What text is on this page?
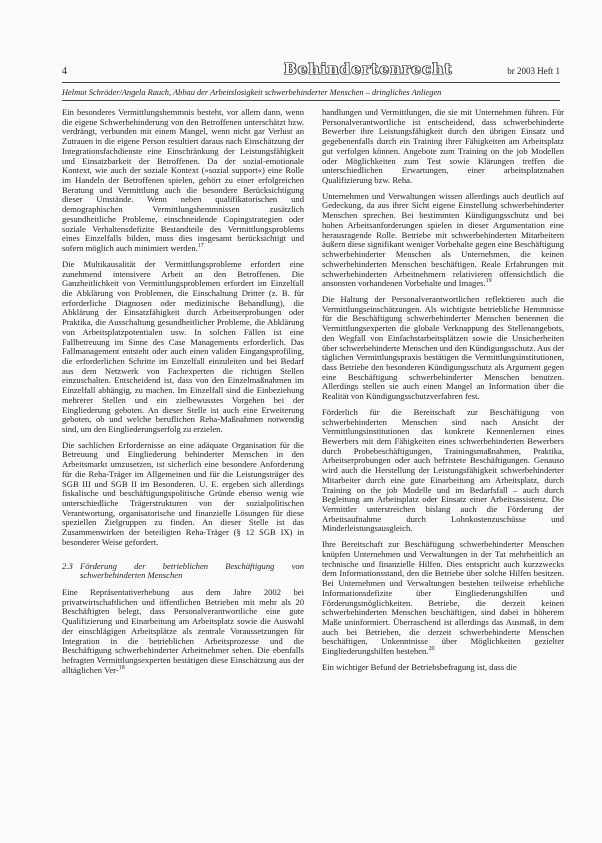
4	Behindertenrecht	br 2003 Heft 1
Helmut Schröder/Angela Rauch, Abbau der Arbeitslosigkeit schwerbehinderter Menschen – dringliches Anliegen

Ein besonderes Vermittlungshemmnis besteht, vor allem dann, wenn die eigene Schwerbehinderung von den Betroffenen unterschätzt bzw. verdrängt, verbunden mit einem Mangel, wenn nicht gar Verlust an Zutrauen in die eigene Person resultiert daraus nach Einschätzung der Integrationsfachdienste eine Einschränkung der Leistungsfähigkeit und Einsatzbarkeit der Betroffenen. Da der sozial-emotionale Kontext, wie auch der soziale Kontext (»sozial support«) eine Rolle im Handeln der Betroffenen spielen, gehört zu einer erfolgreichen Beratung und Vermittlung auch die besondere Berücksichtigung dieser Umstände. Wenn neben qualifikatorischen und demographischen Vermittlungshemmnissen zusätzlich gesundheitliche Probleme, einschneidende Copingstrategien oder soziale Verhaltensdefizite Bestandteile des Vermittlungsproblems eines Einzelfalls bilden, muss dies insgesamt berücksichtigt und sofern möglich auch minimiert werden.$^{17}$

Die Multikausalität der Vermittlungsprobleme erfordert eine zunehmend intensivere Arbeit an den Betroffenen. Die Ganzheitlichkeit von Vermittlungsproblemen erfordert im Einzelfall die Abklärung von Problemen, die Einschaltung Dritter (z. B. für erforderliche Diagnosen oder medizinische Behandlung), die Abklärung der Einsatzfähigkeit durch Arbeitserprobungen oder Praktika, die Ausschaltung gesundheitlicher Probleme, die Abklärung von Arbeitsplatzpotentialen usw. In solchen Fällen ist eine Fallbetreuung im Sinne des Case Managements erforderlich. Das Fallmanagement entsteht oder auch einen validen Eingangsprofiling, die erforderlichen Schritte im Einzelfall einzuleiten und bei Bedarf aus dem Netzwerk von Fachexperten die richtigen Stellen einzuschalten. Entscheidend ist, dass von den Einzelmaßnahmen im Einzelfall abhängig, zu machen. Im Einzelfall sind die Einbeziehung mehrerer Stellen und ein zielbewusstes Vorgehen bei der Eingliederung geboten. An dieser Stelle ist auch eine Erweiterung geboten, ob und welche beruflichen Reha-Maßnahmen notwendig sind, um den Eingliederungserfolg zu erzielen.

Die sachlichen Erfordernisse an eine adäquate Organisation für die Betreuung und Eingliederung behinderter Menschen in den Arbeitsmarkt umzusetzen, ist sicherlich eine besondere Anforderung für die Reha-Träger im Allgemeinen und für die Leistungsträger des SGB III und SGB II im Besonderen. U. E. ergeben sich allerdings fiskalische und beschäftigungspolitische Gründe ebenso wenig wie unterschiedliche Trägerstrukturen von der sozialpolitischen Verantwortung, organisatorische und finanzielle Lösungen für diese speziellen Zielgruppen zu finden. An dieser Stelle ist das Zusammenwirken der beteiligten Reha-Träger (§ 12 SGB IX) in besonderer Weise gefordert.

2.3 Förderung der betrieblichen Beschäftigung von schwerbehinderten Menschen

Eine Repräsentativerhebung aus dem Jahre 2002 bei privatwirtschaftlichen und öffentlichen Betrieben mit mehr als 20 Beschäftigten belegt, dass Personalverantwortliche eine gute Qualifizierung und Einarbeitung am Arbeitsplatz sowie die Auswahl der einschlägigen Arbeitsplätze als zentrale Voraussetzungen für Integration in die betrieblichen Arbeitsprozesse und die Beschäftigung schwerbehinderter Arbeitnehmer sehen. Die ebenfalls befragten Vermittlungsexperten bestätigen diese Einschätzung aus der alltäglichen Ver-$^{18}$

handlungen und Vermittlungen, die sie mit Unternehmen führen. Für Personalverantwortliche ist entscheidend, dass schwerbehinderte Bewerber ihre Leistungsfähigkeit durch den übrigen Einsatz und gegebenenfalls durch ein Training ihrer Fähigkeiten am Arbeitsplatz gut verfolgen können. Angebote zum Training on the job Modellen oder Möglichkeiten zum Test sowie Klärungen treffen die unterschiedlichen Erwartungen, einer arbeitsplatznahen Qualifizierung bzw. Reha.

Unternehmen und Verwaltungen wissen allerdings auch deutlich auf Gedeckung, da aus ihrer Sicht eigene Einstellung schwerbehinderter Menschen sprechen. Bei bestimmten Kündigungsschutz und bei hohen Arbeitsanforderungen spielen in dieser Argumentation eine herausragende Rolle. Betriebe mit schwerbehinderten Mitarbeitern äußern diese signifikant weniger Vorbehalte gegen eine Beschäftigung schwerbehinderter Menschen als Unternehmen, die keinen schwerbehinderten Menschen beschäftigen. Reale Erfahrungen mit schwerbehinderten Arbeitnehmern relativieren offensichtlich die ansonsten vorhandenen Vorbehalte und Images.$^{19}$

Die Haltung der Personalverantwortlichen reflektieren auch die Vermittlungseinschätzungen. Als wichtigste betriebliche Hemmnisse für die Beschäftigung schwerbehinderter Menschen benennen die Vermittlungsexperten die globale Verknappung des Stellenangebots, den Wegfall von Einfachstarbeitsplätzen sowie die Unsicherheiten über schwerbehinderte Menschen und den Kündigungsschutz. Aus der täglichen Vermittlungspraxis bestätigen die Vermittlungsinstitutionen, dass Betriebe den besonderen Kündigungsschutz als Argument gegen eine Beschäftigung schwerbehinderter Menschen benutzen. Allerdings stellen sie auch einen Mangel an Information über die Realität von Kündigungsschutzverfahren fest.

Förderlich für die Bereitschaft zur Beschäftigung von schwerbehinderten Menschen sind nach Ansicht der Vermittlungsinstitutionen das konkrete Kennenlernen eines Bewerbers mit dem Fähigkeiten eines schwerbehinderten Bewerbers durch Probebeschäftigungen, Trainingsmaßnahmen, Praktika, Arbeitserprobungen oder auch befristete Beschäftigungen. Genauso wird auch die Herstellung der Leistungsfähigkeit schwerbehinderter Mitarbeiter durch eine gute Einarbeitung am Arbeitsplatz, durch Training on the job Modelle und im Bedarfsfall – auch durch Begleitung am Arbeitsplatz oder Einsatz einer Arbeitsassistenz. Die Vermittler unterstreichen bislang auch die Förderung der Arbeitsaufnahme durch Lohnkostenzuschüsse und Minderleistungsausgleich.

Ihre Bereitschaft zur Beschäftigung schwerbehinderter Menschen knüpfen Unternehmen und Verwaltungen in der Tat mehrheitlich an technische und finanzielle Hilfen. Dies entspricht auch kurzzwecks dem Informationsstand, den die Betriebe über solche Hilfen besitzen. Bei Unternehmen und Verwaltungen bestehen teilweise erhebliche Informationsdefizite über Eingliederungshilfen und Förderungsmöglichkeiten. Betriebe, die derzeit keinen schwerbehinderten Menschen beschäftigen, sind dabei in höherem Maße uninformiert. Überraschend ist allerdings das Ausmaß, in dem auch bei Betrieben, die derzeit schwerbehinderte Menschen beschäftigen, Unkenntnisse über Möglichkeiten gezielter Eingliederungshilfen bestehen.$^{20}$

Ein wichtiger Befund der Betriebsbefragung ist, dass die
